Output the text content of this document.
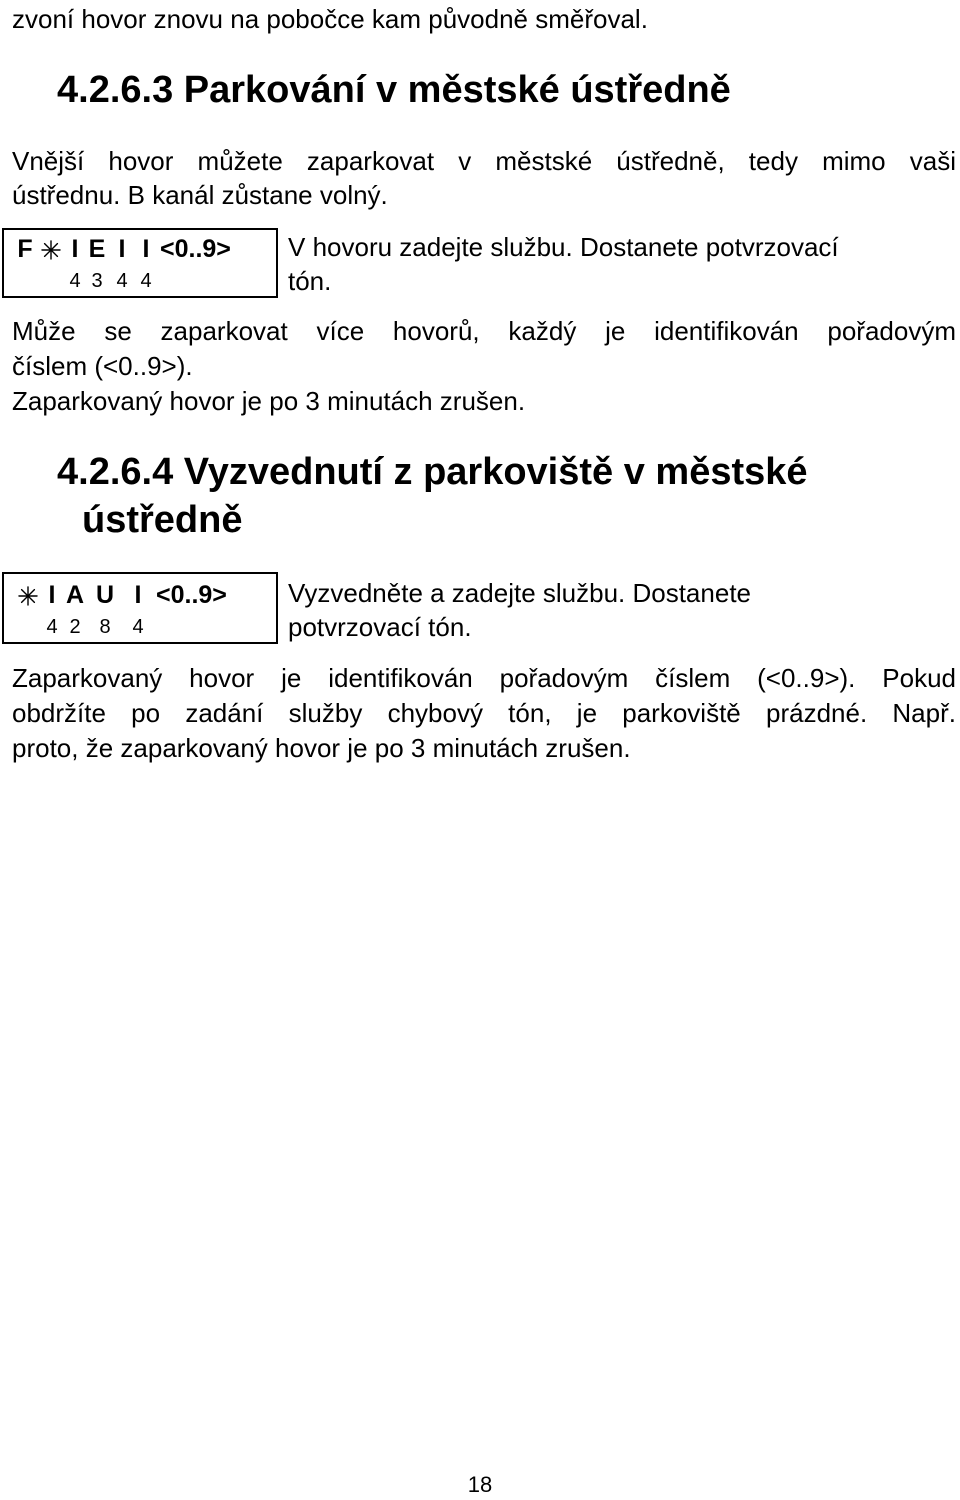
zvoní hovor znovu na pobočce kam původně směřoval.

4.2.6.3 Parkování v městské ústředně

Vnější hovor můžete zaparkovat v městské ústředně, tedy mimo vaši

ústřednu. B kanál zůstane volný.

F I E I I <0..9>
4 3 4 4

V hovoru zadejte službu. Dostanete potvrzovací

tón.

Může se zaparkovat více hovorů, každý je identifikován pořadovým

číslem (<0..9>).

Zaparkovaný hovor je po 3 minutách zrušen.

4.2.6.4 Vyzvednutí z parkoviště v městské
ústředně
I A U I <0..9>
4 2 8 4

Vyzvedněte a zadejte službu. Dostanete

potvrzovací tón.

Zaparkovaný hovor je identifikován pořadovým číslem (<0..9>). Pokud

obdržíte po zadání služby chybový tón, je parkoviště prázdné. Např.

proto, že zaparkovaný hovor je po 3 minutách zrušen.

18
